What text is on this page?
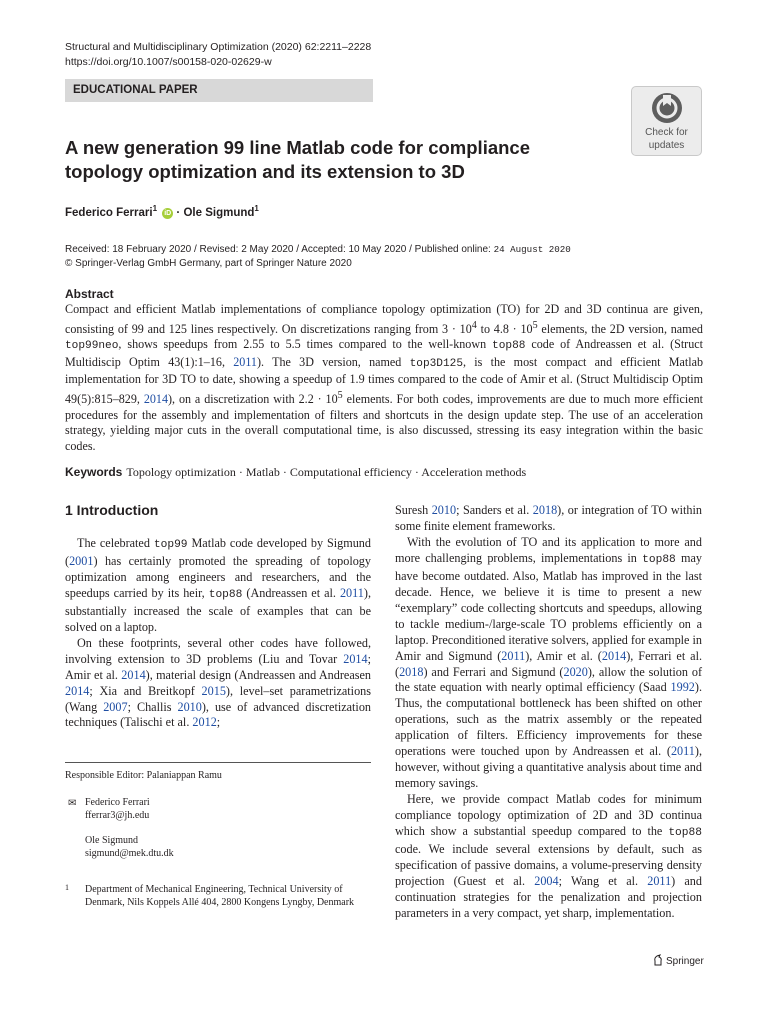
Structural and Multidisciplinary Optimization (2020) 62:2211–2228
https://doi.org/10.1007/s00158-020-02629-w
EDUCATIONAL PAPER
Check for
updates
A new generation 99 line Matlab code for compliance topology optimization and its extension to 3D
Federico Ferrari$^1$ iD · Ole Sigmund$^1$
Received: 18 February 2020 / Revised: 2 May 2020 / Accepted: 10 May 2020 / Published online: 24 August 2020
© Springer-Verlag GmbH Germany, part of Springer Nature 2020
Abstract

Compact and efficient Matlab implementations of compliance topology optimization (TO) for 2D and 3D continua are given, consisting of 99 and 125 lines respectively. On discretizations ranging from $3 \cdot 10^4$ to $4.8 \cdot 10^5$ elements, the 2D version, named top99neo, shows speedups from 2.55 to 5.5 times compared to the well-known top88 code of Andreassen et al. (Struct Multidiscip Optim 43(1):1–16, 2011). The 3D version, named top3D125, is the most compact and efficient Matlab implementation for 3D TO to date, showing a speedup of 1.9 times compared to the code of Amir et al. (Struct Multidiscip Optim 49(5):815–829, 2014), on a discretization with $2.2 \cdot 10^5$ elements. For both codes, improvements are due to much more efficient procedures for the assembly and implementation of filters and shortcuts in the design update step. The use of an acceleration strategy, yielding major cuts in the overall computational time, is also discussed, stressing its easy integration within the basic codes.

Keywords Topology optimization · Matlab · Computational efficiency · Acceleration methods
1 Introduction

The celebrated top99 Matlab code developed by Sigmund (2001) has certainly promoted the spreading of topology optimization among engineers and researchers, and the speedups carried by its heir, top88 (Andreassen et al. 2011), substantially increased the scale of examples that can be solved on a laptop.

On these footprints, several other codes have followed, involving extension to 3D problems (Liu and Tovar 2014; Amir et al. 2014), material design (Andreassen and Andreasen 2014; Xia and Breitkopf 2015), level–set parametrizations (Wang 2007; Challis 2010), use of advanced discretization techniques (Talischi et al. 2012;

Suresh 2010; Sanders et al. 2018), or integration of TO within some finite element frameworks.

With the evolution of TO and its application to more and more challenging problems, implementations in top88 may have become outdated. Also, Matlab has improved in the last decade. Hence, we believe it is time to present a new “exemplary” code collecting shortcuts and speedups, allowing to tackle medium-/large-scale TO problems efficiently on a laptop. Preconditioned iterative solvers, applied for example in Amir and Sigmund (2011), Amir et al. (2014), Ferrari et al. (2018) and Ferrari and Sigmund (2020), allow the solution of the state equation with nearly optimal efficiency (Saad 1992). Thus, the computational bottleneck has been shifted on other operations, such as the matrix assembly or the repeated application of filters. Efficiency improvements for these operations were touched upon by Andreassen et al. (2011), however, without giving a quantitative analysis about time and memory savings.

Here, we provide compact Matlab codes for minimum compliance topology optimization of 2D and 3D continua which show a substantial speedup compared to the top88 code. We include several extensions by default, such as specification of passive domains, a volume-preserving density projection (Guest et al. 2004; Wang et al. 2011) and continuation strategies for the penalization and projection parameters in a very compact, yet sharp, implementation.

Responsible Editor: Palaniappan Ramu
✉ Federico Ferrari
fferrar3@jh.edu
Ole Sigmund
sigmund@mek.dtu.dk
1	Department of Mechanical Engineering, Technical University of Denmark, Nils Koppels Allé 404, 2800 Kongens Lyngby, Denmark
Springer
